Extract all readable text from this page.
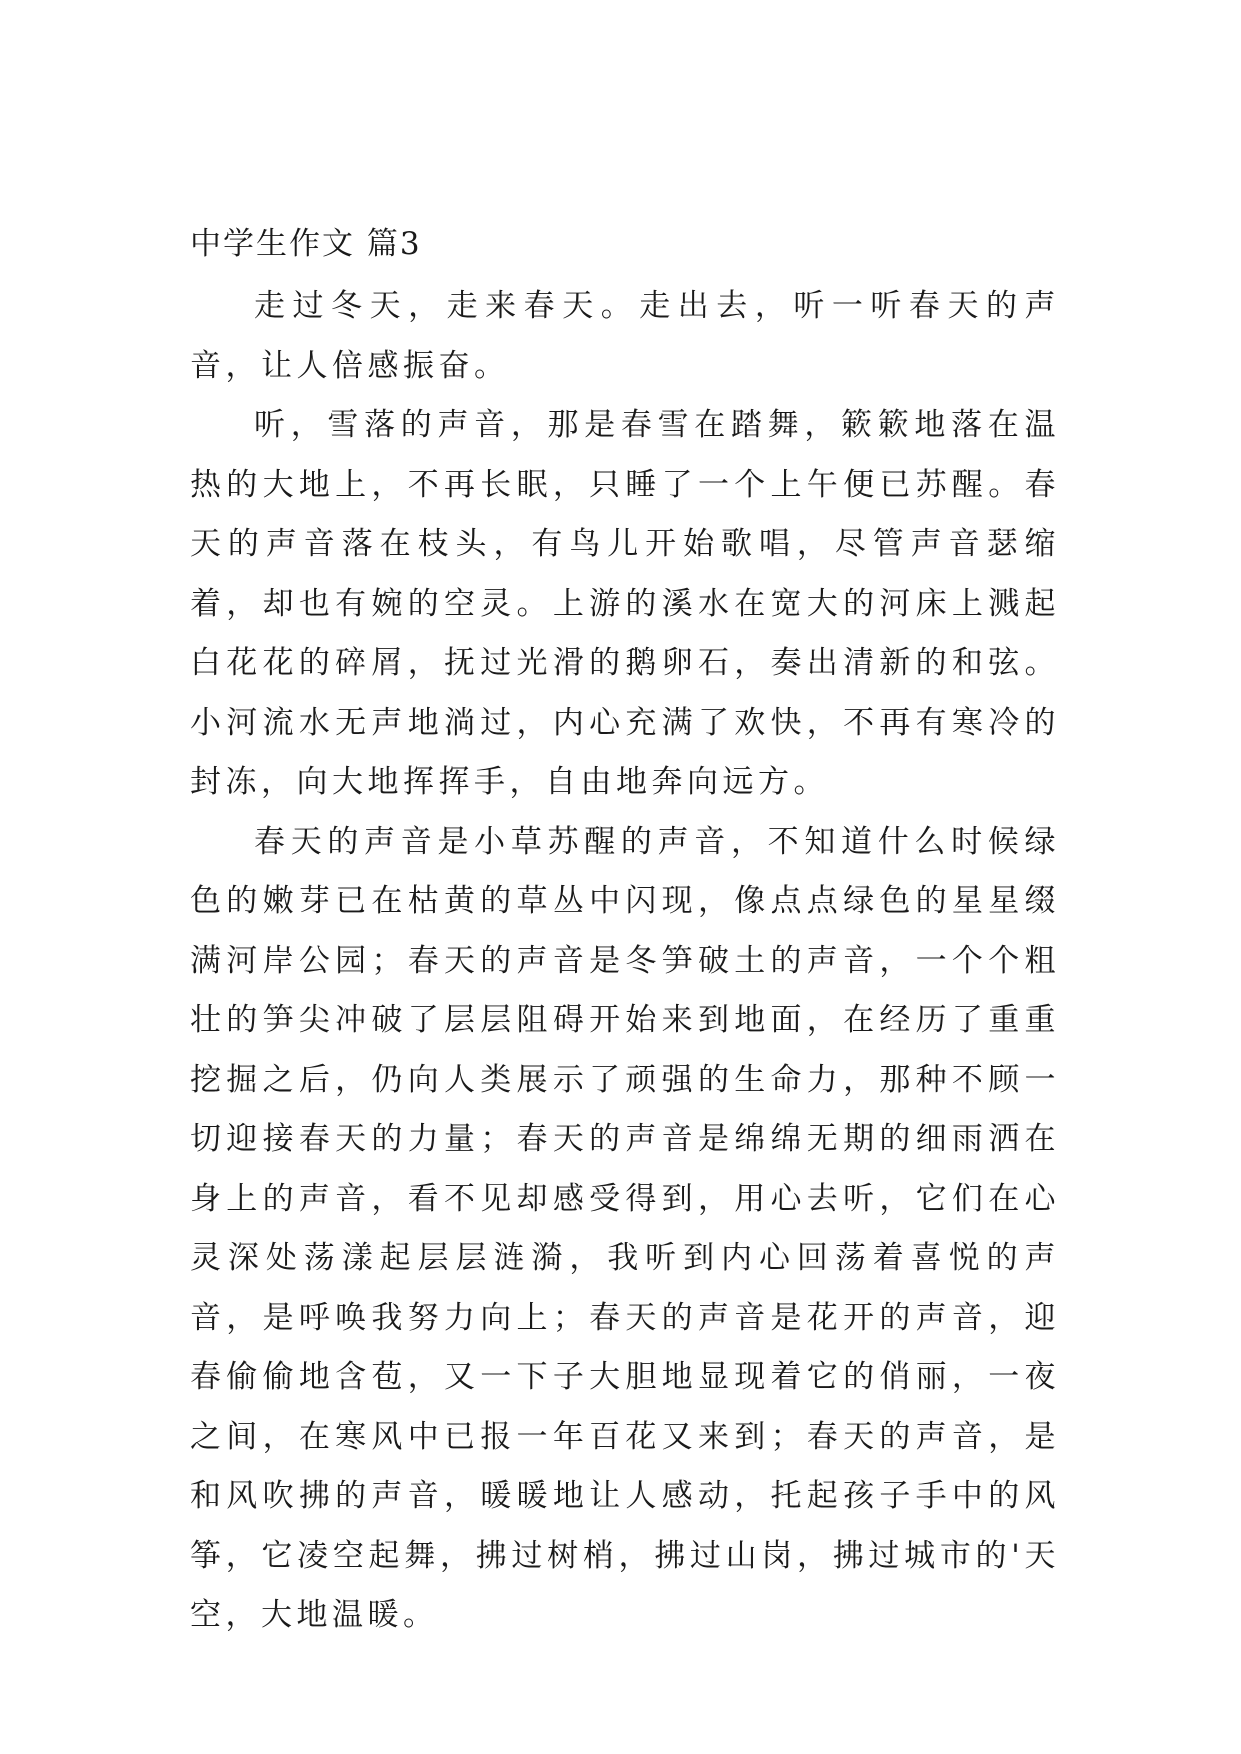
中学生作文 篇3

走过冬天，走来春天。走出去，听一听春天的声音，让人倍感振奋。

听，雪落的声音，那是春雪在踏舞，簌簌地落在温热的大地上，不再长眠，只睡了一个上午便已苏醒。春天的声音落在枝头，有鸟儿开始歌唱，尽管声音瑟缩着，却也有婉的空灵。上游的溪水在宽大的河床上溅起白花花的碎屑，抚过光滑的鹅卵石，奏出清新的和弦。小河流水无声地淌过，内心充满了欢快，不再有寒冷的封冻，向大地挥挥手，自由地奔向远方。

春天的声音是小草苏醒的声音，不知道什么时候绿色的嫩芽已在枯黄的草丛中闪现，像点点绿色的星星缀满河岸公园；春天的声音是冬笋破土的声音，一个个粗壮的笋尖冲破了层层阻碍开始来到地面，在经历了重重挖掘之后，仍向人类展示了顽强的生命力，那种不顾一切迎接春天的力量；春天的声音是绵绵无期的细雨洒在身上的声音，看不见却感受得到，用心去听，它们在心灵深处荡漾起层层涟漪，我听到内心回荡着喜悦的声音，是呼唤我努力向上；春天的声音是花开的声音，迎春偷偷地含苞，又一下子大胆地显现着它的俏丽，一夜之间，在寒风中已报一年百花又来到；春天的声音，是和风吹拂的声音，暖暖地让人感动，托起孩子手中的风筝，它凌空起舞，拂过树梢，拂过山岗，拂过城市的'天空，大地温暖。
